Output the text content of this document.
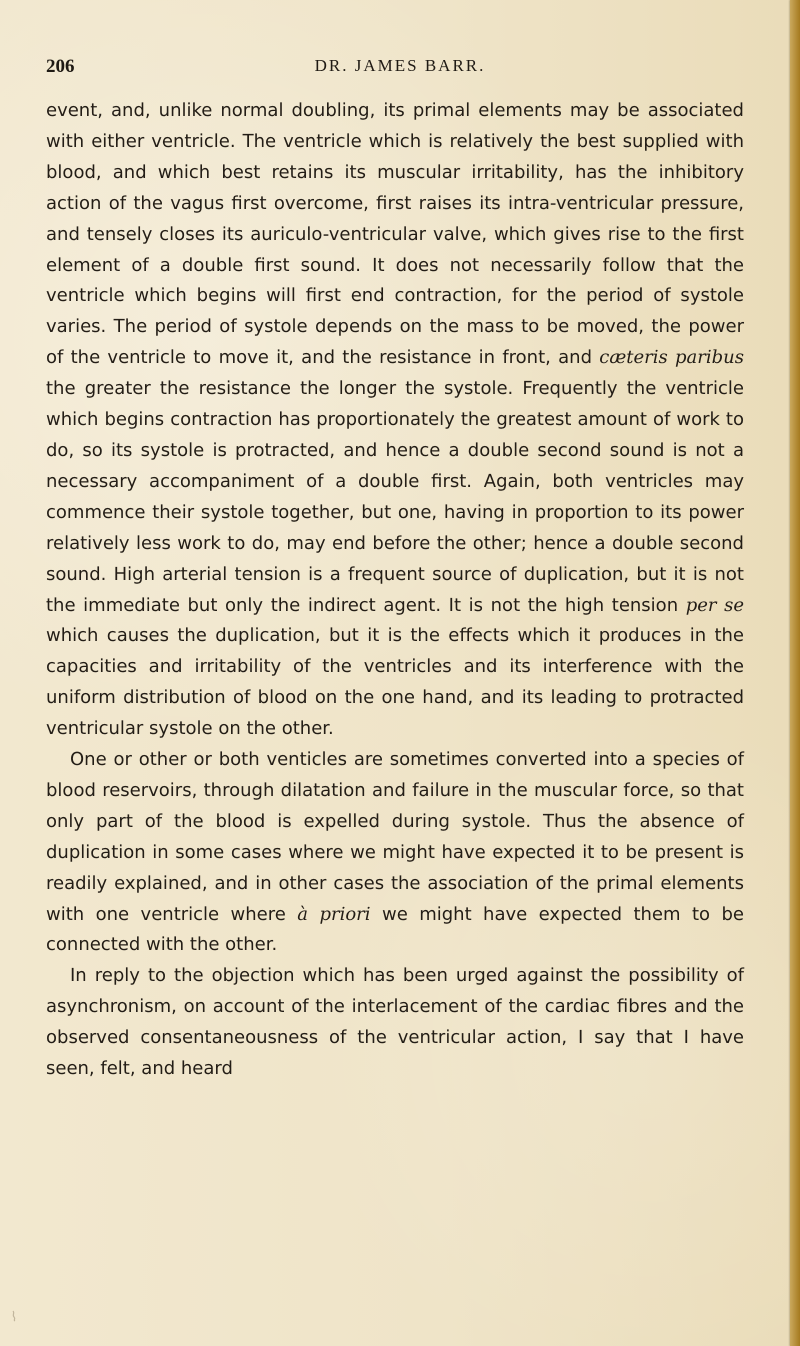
206	DR. JAMES BARR.

event, and, unlike normal doubling, its primal elements may be associated with either ventricle. The ventricle which is relatively the best supplied with blood, and which best retains its muscular irritability, has the inhibitory action of the vagus first overcome, first raises its intra-ventricular pressure, and tensely closes its auriculo-ventricular valve, which gives rise to the first element of a double first sound. It does not necessarily follow that the ventricle which begins will first end contraction, for the period of systole varies. The period of systole depends on the mass to be moved, the power of the ventricle to move it, and the resistance in front, and cæteris paribus the greater the resistance the longer the systole. Frequently the ventricle which begins contraction has proportionately the greatest amount of work to do, so its systole is protracted, and hence a double second sound is not a necessary accompaniment of a double first. Again, both ventricles may commence their systole together, but one, having in proportion to its power relatively less work to do, may end before the other; hence a double second sound. High arterial tension is a frequent source of duplication, but it is not the immediate but only the indirect agent. It is not the high tension per se which causes the duplication, but it is the effects which it produces in the capacities and irritability of the ventricles and its interference with the uniform distribution of blood on the one hand, and its leading to protracted ventricular systole on the other.

One or other or both venticles are sometimes converted into a species of blood reservoirs, through dilatation and failure in the muscular force, so that only part of the blood is expelled during systole. Thus the absence of duplication in some cases where we might have expected it to be present is readily explained, and in other cases the association of the primal elements with one ventricle where à priori we might have expected them to be connected with the other.

In reply to the objection which has been urged against the possibility of asynchronism, on account of the interlacement of the cardiac fibres and the observed consentaneousness of the ventricular action, I say that I have seen, felt, and heard
